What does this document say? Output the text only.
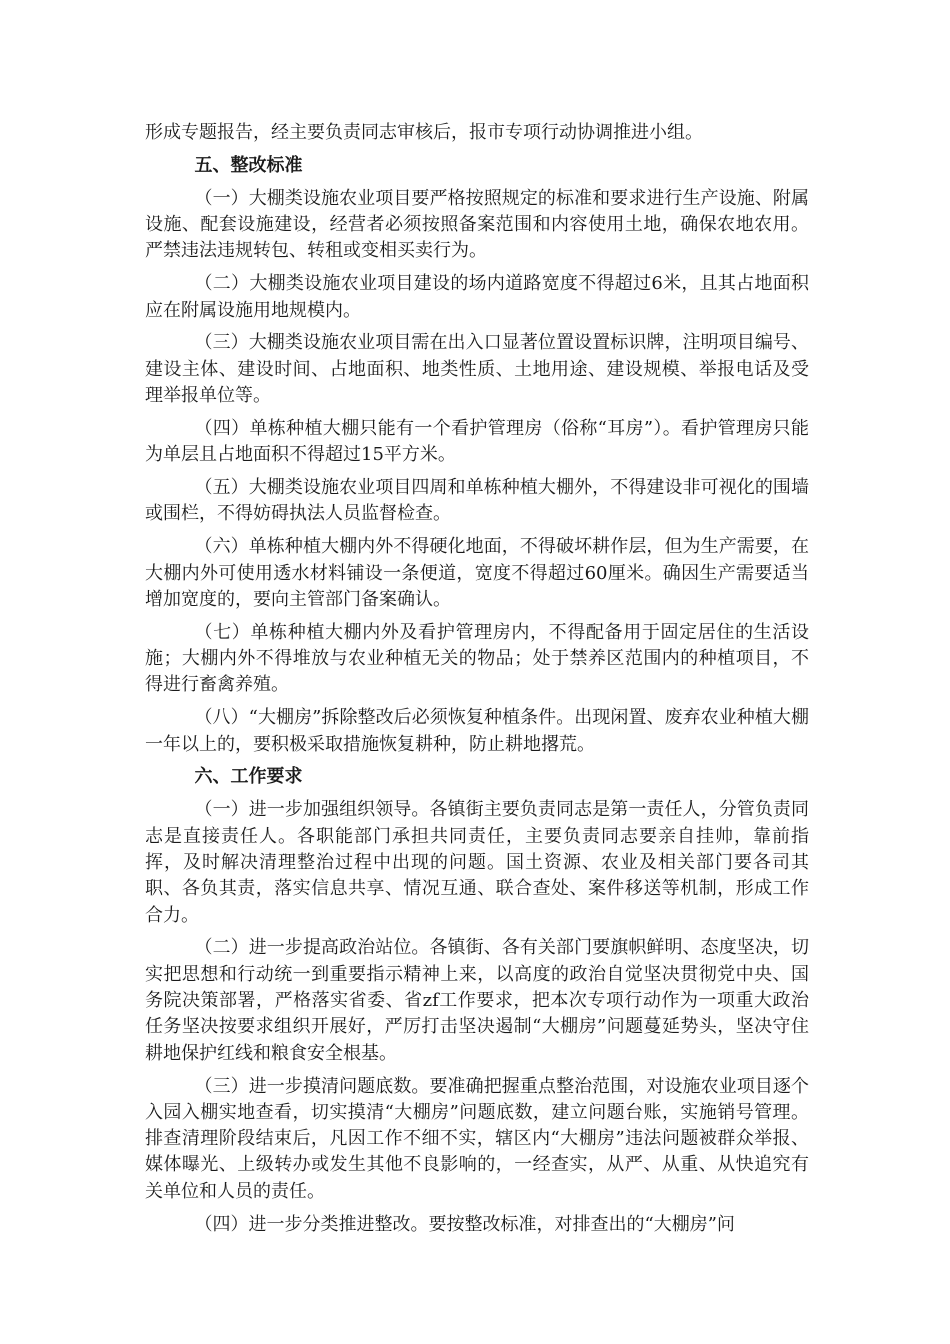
形成专题报告，经主要负责同志审核后，报市专项行动协调推进小组。

五、整改标准

（一）大棚类设施农业项目要严格按照规定的标准和要求进行生产设施、附属设施、配套设施建设，经营者必须按照备案范围和内容使用土地，确保农地农用。严禁违法违规转包、转租或变相买卖行为。

（二）大棚类设施农业项目建设的场内道路宽度不得超过6米，且其占地面积应在附属设施用地规模内。

（三）大棚类设施农业项目需在出入口显著位置设置标识牌，注明项目编号、建设主体、建设时间、占地面积、地类性质、土地用途、建设规模、举报电话及受理举报单位等。

（四）单栋种植大棚只能有一个看护管理房（俗称“耳房”）。看护管理房只能为单层且占地面积不得超过15平方米。

（五）大棚类设施农业项目四周和单栋种植大棚外，不得建设非可视化的围墙或围栏，不得妨碍执法人员监督检查。

（六）单栋种植大棚内外不得硬化地面，不得破坏耕作层，但为生产需要，在大棚内外可使用透水材料铺设一条便道，宽度不得超过60厘米。确因生产需要适当增加宽度的，要向主管部门备案确认。

（七）单栋种植大棚内外及看护管理房内，不得配备用于固定居住的生活设施；大棚内外不得堆放与农业种植无关的物品；处于禁养区范围内的种植项目，不得进行畜禽养殖。

（八）“大棚房”拆除整改后必须恢复种植条件。出现闲置、废弃农业种植大棚一年以上的，要积极采取措施恢复耕种，防止耕地撂荒。

六、工作要求

（一）进一步加强组织领导。各镇街主要负责同志是第一责任人，分管负责同志是直接责任人。各职能部门承担共同责任，主要负责同志要亲自挂帅，靠前指挥，及时解决清理整治过程中出现的问题。国土资源、农业及相关部门要各司其职、各负其责，落实信息共享、情况互通、联合查处、案件移送等机制，形成工作合力。

（二）进一步提高政治站位。各镇街、各有关部门要旗帜鲜明、态度坚决，切实把思想和行动统一到重要指示精神上来，以高度的政治自觉坚决贯彻党中央、国务院决策部署，严格落实省委、省zf工作要求，把本次专项行动作为一项重大政治任务坚决按要求组织开展好，严厉打击坚决遏制“大棚房”问题蔓延势头，坚决守住耕地保护红线和粮食安全根基。

（三）进一步摸清问题底数。要准确把握重点整治范围，对设施农业项目逐个入园入棚实地查看，切实摸清“大棚房”问题底数，建立问题台账，实施销号管理。排查清理阶段结束后，凡因工作不细不实，辖区内“大棚房”违法问题被群众举报、媒体曝光、上级转办或发生其他不良影响的，一经查实，从严、从重、从快追究有关单位和人员的责任。

（四）进一步分类推进整改。要按整改标准，对排查出的“大棚房”问
